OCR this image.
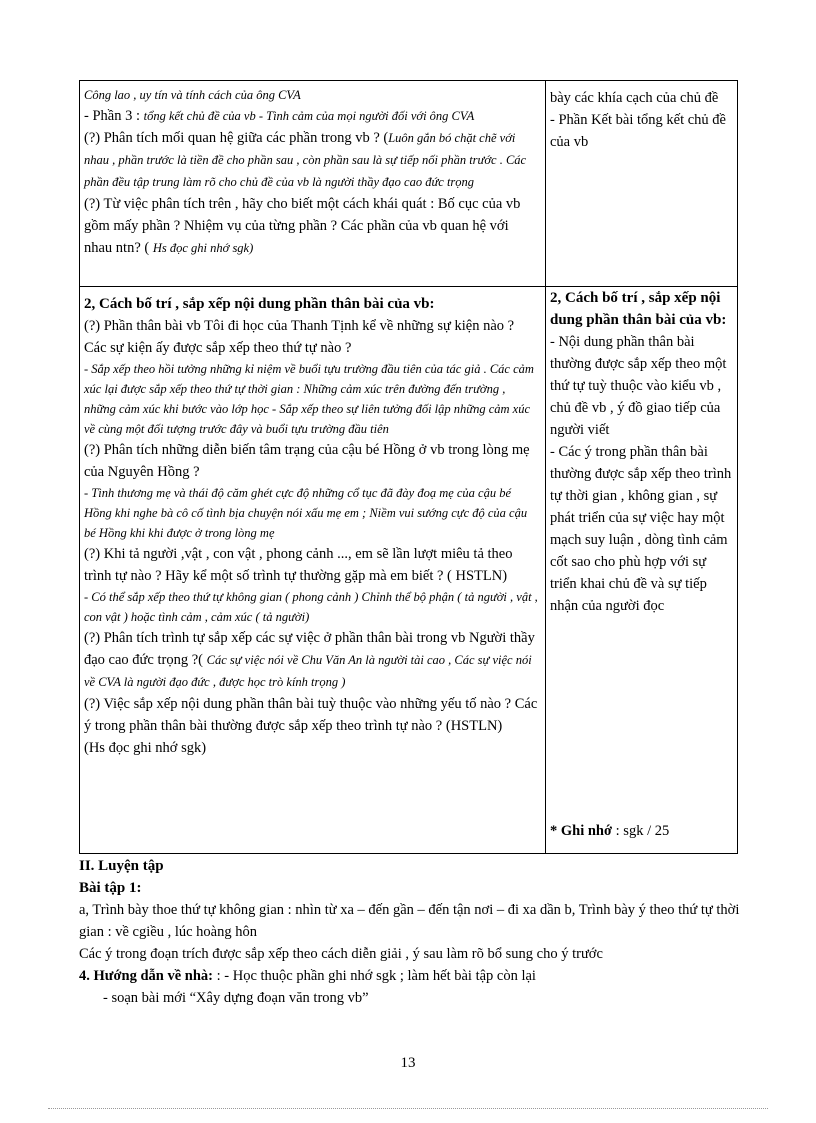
Công lao , uy tín và tính cách của ông CVA

- Phần 3 : tổng kết chủ đề của vb - Tình cảm của mọi người đối với ông CVA

(?) Phân tích mối quan hệ giữa các phần trong vb ? (Luôn gắn bó chặt chẽ với nhau , phần trước là tiền đề cho phần sau , còn phần sau là sự tiếp nối phần trước . Các phần đều tập trung làm rõ cho chủ đề của vb là người thầy đạo cao đức trọng

(?) Từ việc phân tích trên , hãy cho biết một cách khái quát : Bố cục của vb gồm mấy phần ? Nhiệm vụ của từng phần ? Các phần của vb quan hệ với nhau ntn? ( Hs đọc ghi nhớ sgk)

2, Cách bố trí , sắp xếp nội dung phần thân bài của vb:

(?) Phần thân bài vb Tôi đi học của Thanh Tịnh kể về những sự kiện nào ? Các sự kiện ấy được sắp xếp theo thứ tự nào ?

- Sắp xếp theo hồi tưởng những kỉ niệm về buổi tựu trường đầu tiên của tác giả . Các cảm xúc lại được sắp xếp theo thứ tự thời gian : Những cảm xúc trên đường đến trường , những cảm xúc khi bước vào lớp học - Sắp xếp theo sự liên tưởng đối lập những cảm xúc về cùng một đối tượng trước đây và buổi tựu trường đầu tiên

(?) Phân tích những diễn biến tâm trạng của cậu bé Hồng ở vb trong lòng mẹ của Nguyên Hồng ?

- Tình thương mẹ và thái độ căm ghét cực độ những cổ tục đã đày đoạ mẹ của cậu bé Hồng khi nghe bà cô cố tình bịa chuyện nói xấu mẹ em ; Niềm vui sướng cực độ của cậu bé Hồng khi khi được ở trong lòng mẹ

(?) Khi tả người ,vật , con vật , phong cảnh ..., em sẽ lần lượt miêu tả theo trình tự nào ? Hãy kể một số trình tự thường gặp mà em biết ? ( HSTLN)

- Có thể sắp xếp theo thứ tự không gian ( phong cảnh ) Chỉnh thể bộ phận ( tả người , vật , con vật ) hoặc tình cảm , cảm xúc ( tả người)

(?) Phân tích trình tự sắp xếp các sự việc ở phần thân bài trong vb Người thầy đạo cao đức trọng ?( Các sự việc nói về Chu Văn An là người tài cao , Các sự việc nói về CVA là người đạo đức , được học trò kính trọng )

(?) Việc sắp xếp nội dung phần thân bài tuỳ thuộc vào những yếu tố nào ? Các ý trong phần thân bài thường được sắp xếp theo trình tự nào ? (HSTLN)

(Hs đọc ghi nhớ sgk)

bày các khía cạch của chủ đề

- Phần Kết bài tổng kết chủ đề của vb

2, Cách bố trí , sắp xếp nội dung phần thân bài của vb:

- Nội dung phần thân bài thường được sắp xếp theo một thứ tự tuỳ thuộc vào kiểu vb , chủ đề vb , ý đồ giao tiếp của người viết

- Các ý trong phần thân bài thường được sắp xếp theo trình tự thời gian , không gian , sự phát triển của sự việc hay một mạch suy luận , dòng tình cảm cốt sao cho phù hợp với sự triển khai chủ đề và sự tiếp nhận của người đọc

* Ghi nhớ : sgk / 25

II. Luyện tập

Bài tập 1:

a, Trình bày thoe thứ tự không gian : nhìn từ xa – đến gần – đến tận nơi – đi xa dần b, Trình bày ý theo thứ tự thời gian : về cgiều , lúc hoàng hôn

Các ý trong đoạn trích được sắp xếp theo cách diễn giải , ý sau làm rõ bổ sung cho ý trước

4. Hướng dẫn về nhà: : - Học thuộc phần ghi nhớ sgk ; làm hết bài tập còn lại

- soạn bài mới “Xây dựng đoạn văn trong vb”

13
